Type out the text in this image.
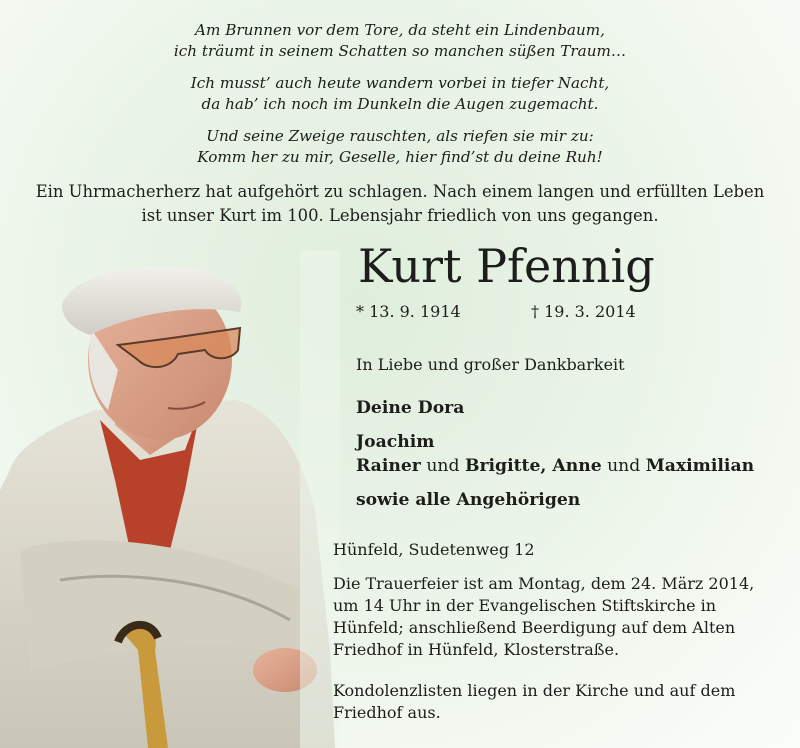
Am Brunnen vor dem Tore, da steht ein Lindenbaum,
ich träumt in seinem Schatten so manchen süßen Traum…
Ich musst’ auch heute wandern vorbei in tiefer Nacht,
da hab’ ich noch im Dunkeln die Augen zugemacht.
Und seine Zweige rauschten, als riefen sie mir zu:
Komm her zu mir, Geselle, hier find’st du deine Ruh!
Ein Uhrmacherherz hat aufgehört zu schlagen. Nach einem langen und erfüllten Leben
ist unser Kurt im 100. Lebensjahr friedlich von uns gegangen.
Kurt Pfennig
* 13. 9. 1914	† 19. 3. 2014
In Liebe und großer Dankbarkeit
Deine Dora
Joachim
Rainer und Brigitte, Anne und Maximilian
sowie alle Angehörigen
Hünfeld, Sudetenweg 12
Die Trauerfeier ist am Montag, dem 24. März 2014,
um 14 Uhr in der Evangelischen Stiftskirche in
Hünfeld; anschließend Beerdigung auf dem Alten
Friedhof in Hünfeld, Klosterstraße.
Kondolenzlisten liegen in der Kirche und auf dem
Friedhof aus.
